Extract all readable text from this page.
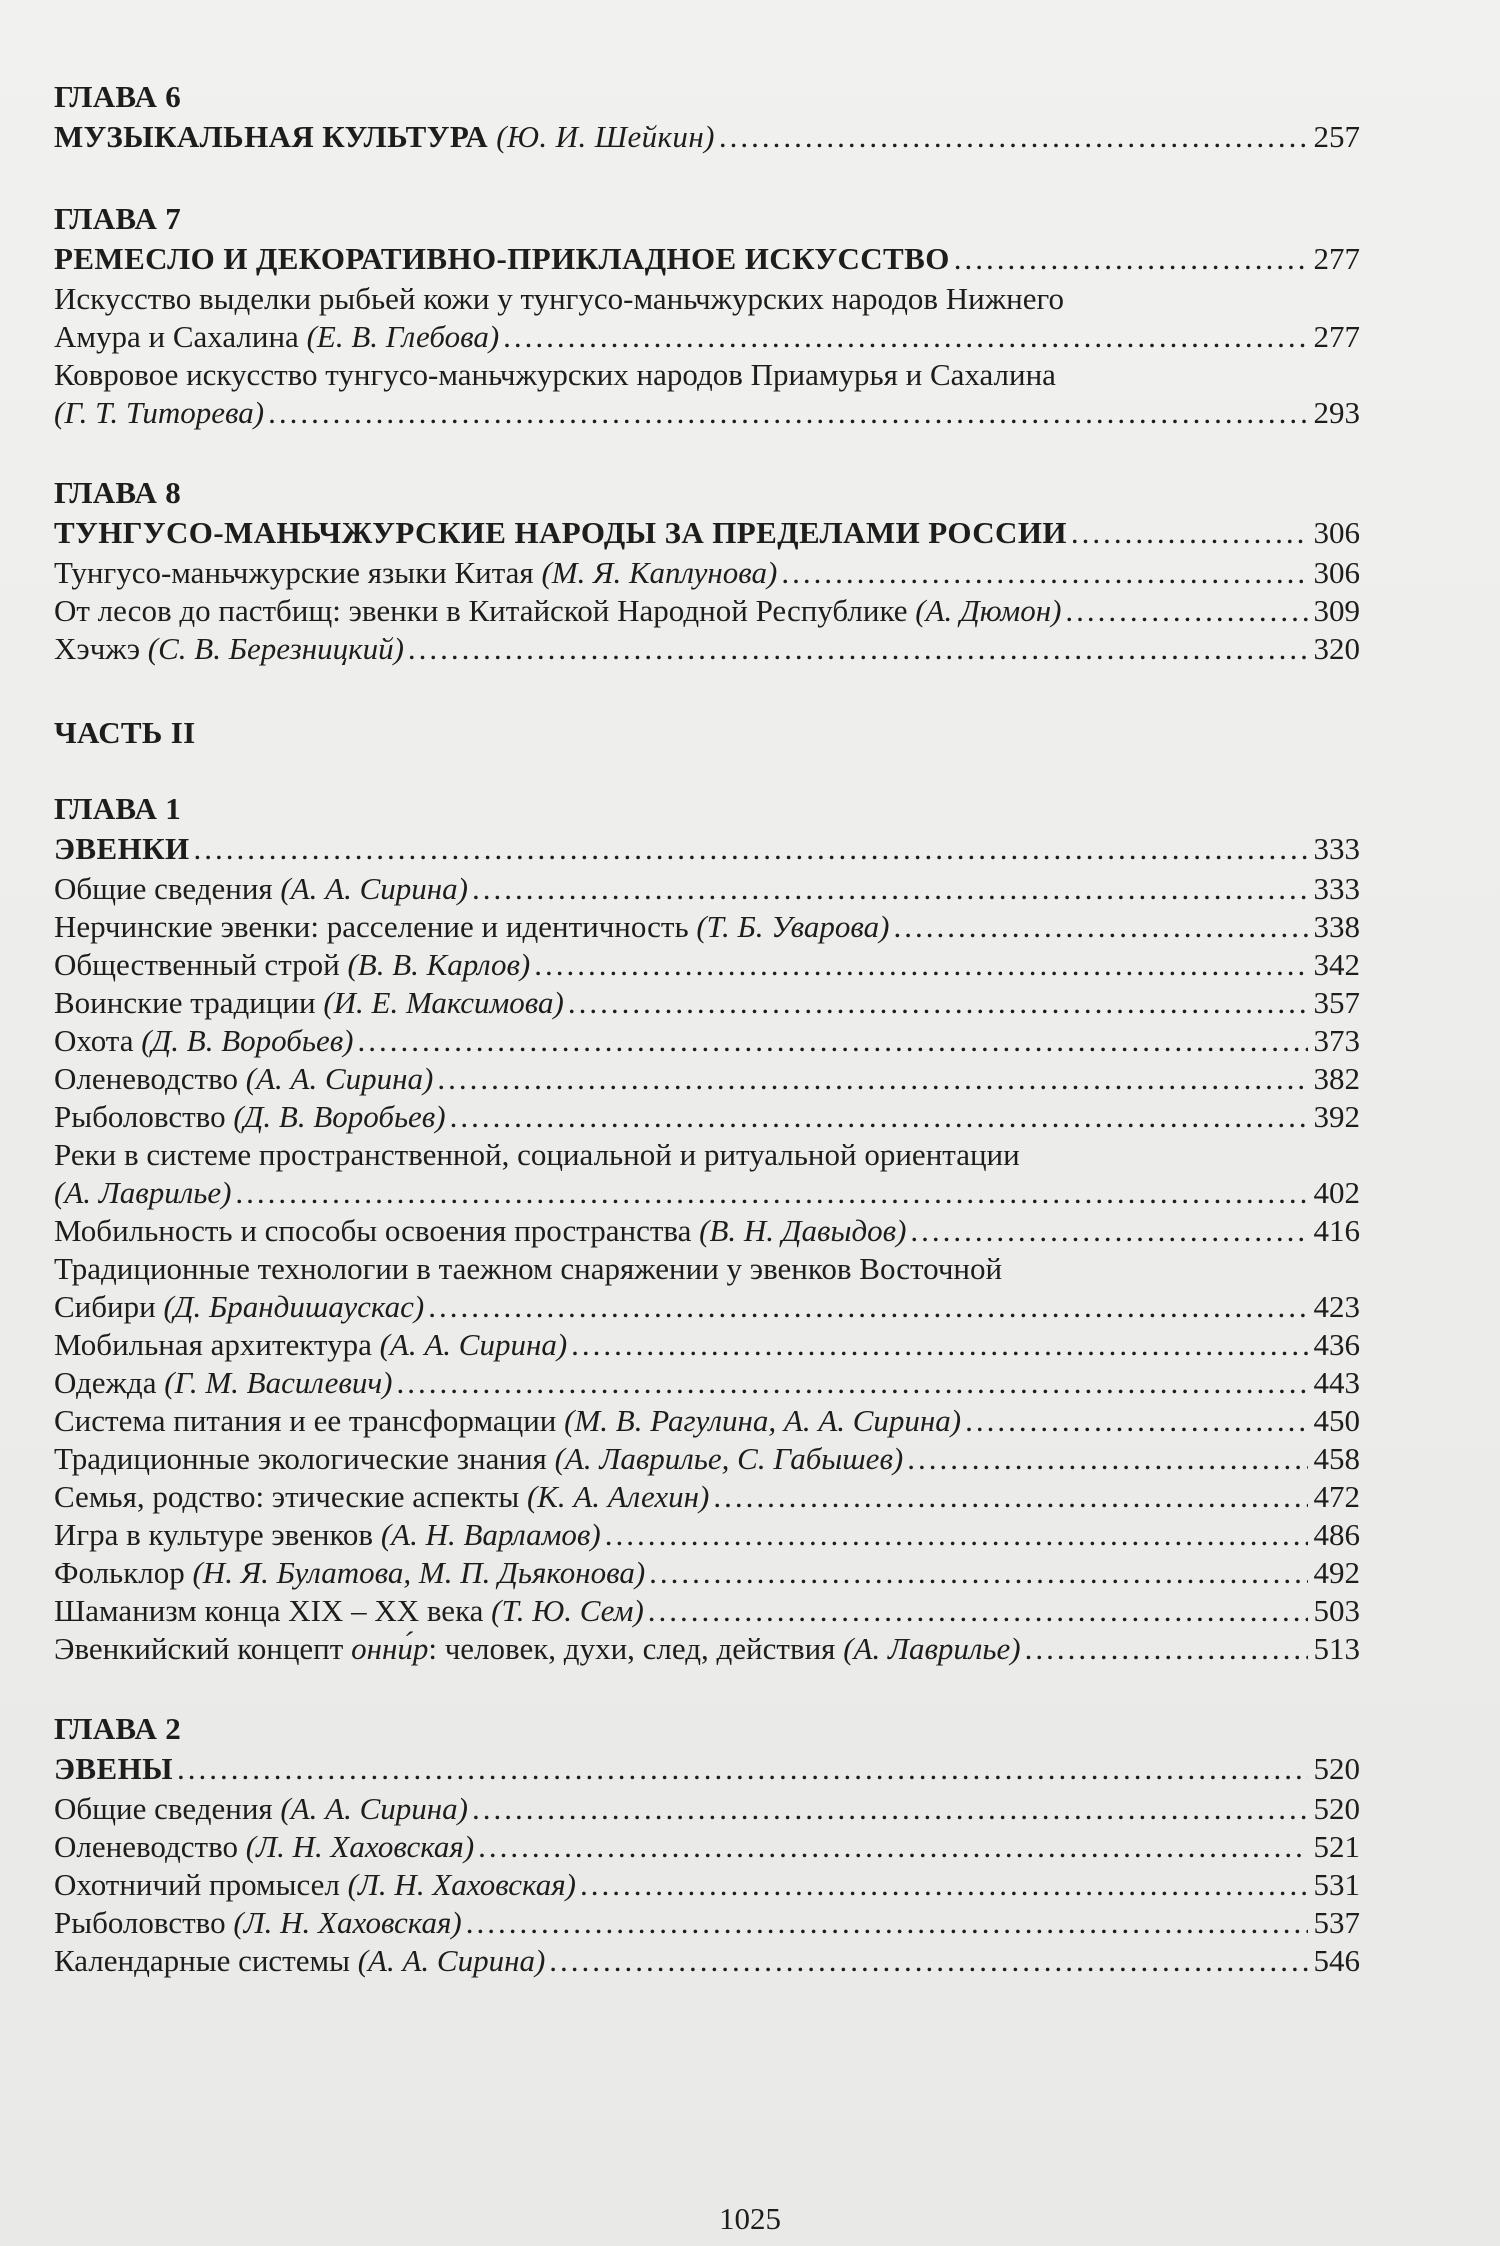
ГЛАВА 6
МУЗЫКАЛЬНАЯ КУЛЬТУРА (Ю. И. Шейкин) .....	257
ГЛАВА 7
РЕМЕСЛО И ДЕКОРАТИВНО-ПРИКЛАДНОЕ ИСКУССТВО .....	277
Искусство выделки рыбьей кожи у тунгусо-маньчжурских народов Нижнего
Амура и Сахалина (Е. В. Глебова) .....	277
Ковровое искусство тунгусо-маньчжурских народов Приамурья и Сахалина
(Г. Т. Титорева) .....	293
ГЛАВА 8
ТУНГУСО-МАНЬЧЖУРСКИЕ НАРОДЫ ЗА ПРЕДЕЛАМИ РОССИИ .....	306
Тунгусо-маньчжурские языки Китая (М. Я. Каплунова) .....	306
От лесов до пастбищ: эвенки в Китайской Народной Республике (А. Дюмон) .....	309
Хэчжэ (С. В. Березницкий) .....	320
ЧАСТЬ II
ГЛАВА 1
ЭВЕНКИ .....	333
Общие сведения (А. А. Сирина) .....	333
Нерчинские эвенки: расселение и идентичность (Т. Б. Уварова) .....	338
Общественный строй (В. В. Карлов) .....	342
Воинские традиции (И. Е. Максимова) .....	357
Охота (Д. В. Воробьев) .....	373
Оленеводство (А. А. Сирина) .....	382
Рыболовство (Д. В. Воробьев) .....	392
Реки в системе пространственной, социальной и ритуальной ориентации
(А. Лаврилье) .....	402
Мобильность и способы освоения пространства (В. Н. Давыдов) .....	416
Традиционные технологии в таежном снаряжении у эвенков Восточной
Сибири (Д. Брандишаускас) .....	423
Мобильная архитектура (А. А. Сирина) .....	436
Одежда (Г. М. Василевич) .....	443
Система питания и ее трансформации (М. В. Рагулина, А. А. Сирина) .....	450
Традиционные экологические знания (А. Лаврилье, С. Габышев) .....	458
Семья, родство: этические аспекты (К. А. Алехин) .....	472
Игра в культуре эвенков (А. Н. Варламов) .....	486
Фольклор (Н. Я. Булатова, М. П. Дьяконова) .....	492
Шаманизм конца XIX – XX века (Т. Ю. Сем) .....	503
Эвенкийский концепт онни́р: человек, духи, след, действия (А. Лаврилье) .....	513
ГЛАВА 2
ЭВЕНЫ .....	520
Общие сведения (А. А. Сирина) .....	520
Оленеводство (Л. Н. Хаховская) .....	521
Охотничий промысел (Л. Н. Хаховская) .....	531
Рыболовство (Л. Н. Хаховская) .....	537
Календарные системы (А. А. Сирина) .....	546
1025
